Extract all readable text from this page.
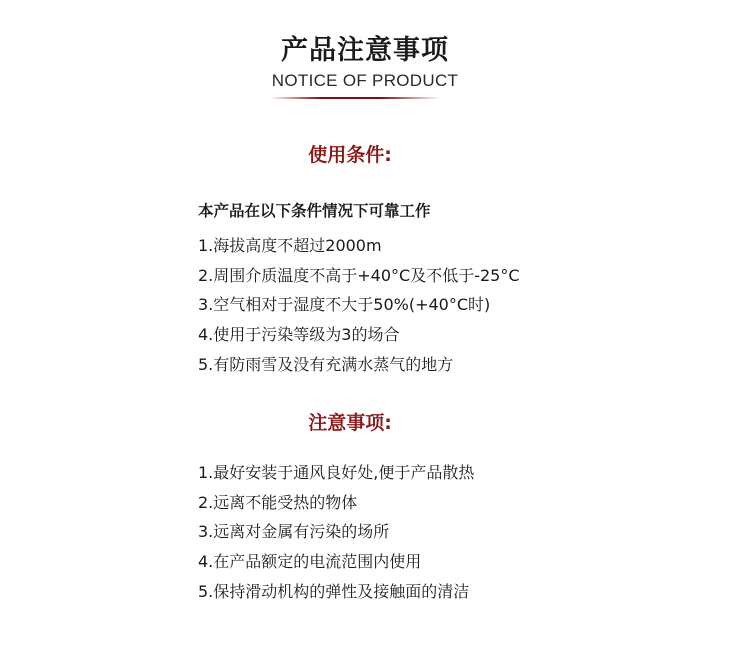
产品注意事项
NOTICE OF PRODUCT
使用条件:
本产品在以下条件情况下可靠工作
1.海拔高度不超过2000m
2.周围介质温度不高于+40°C及不低于-25°C
3.空气相对于湿度不大于50%(+40°C时)
4.使用于污染等级为3的场合
5.有防雨雪及没有充满水蒸气的地方
注意事项:
1.最好安装于通风良好处,便于产品散热
2.远离不能受热的物体
3.远离对金属有污染的场所
4.在产品额定的电流范围内使用
5.保持滑动机构的弹性及接触面的清洁
